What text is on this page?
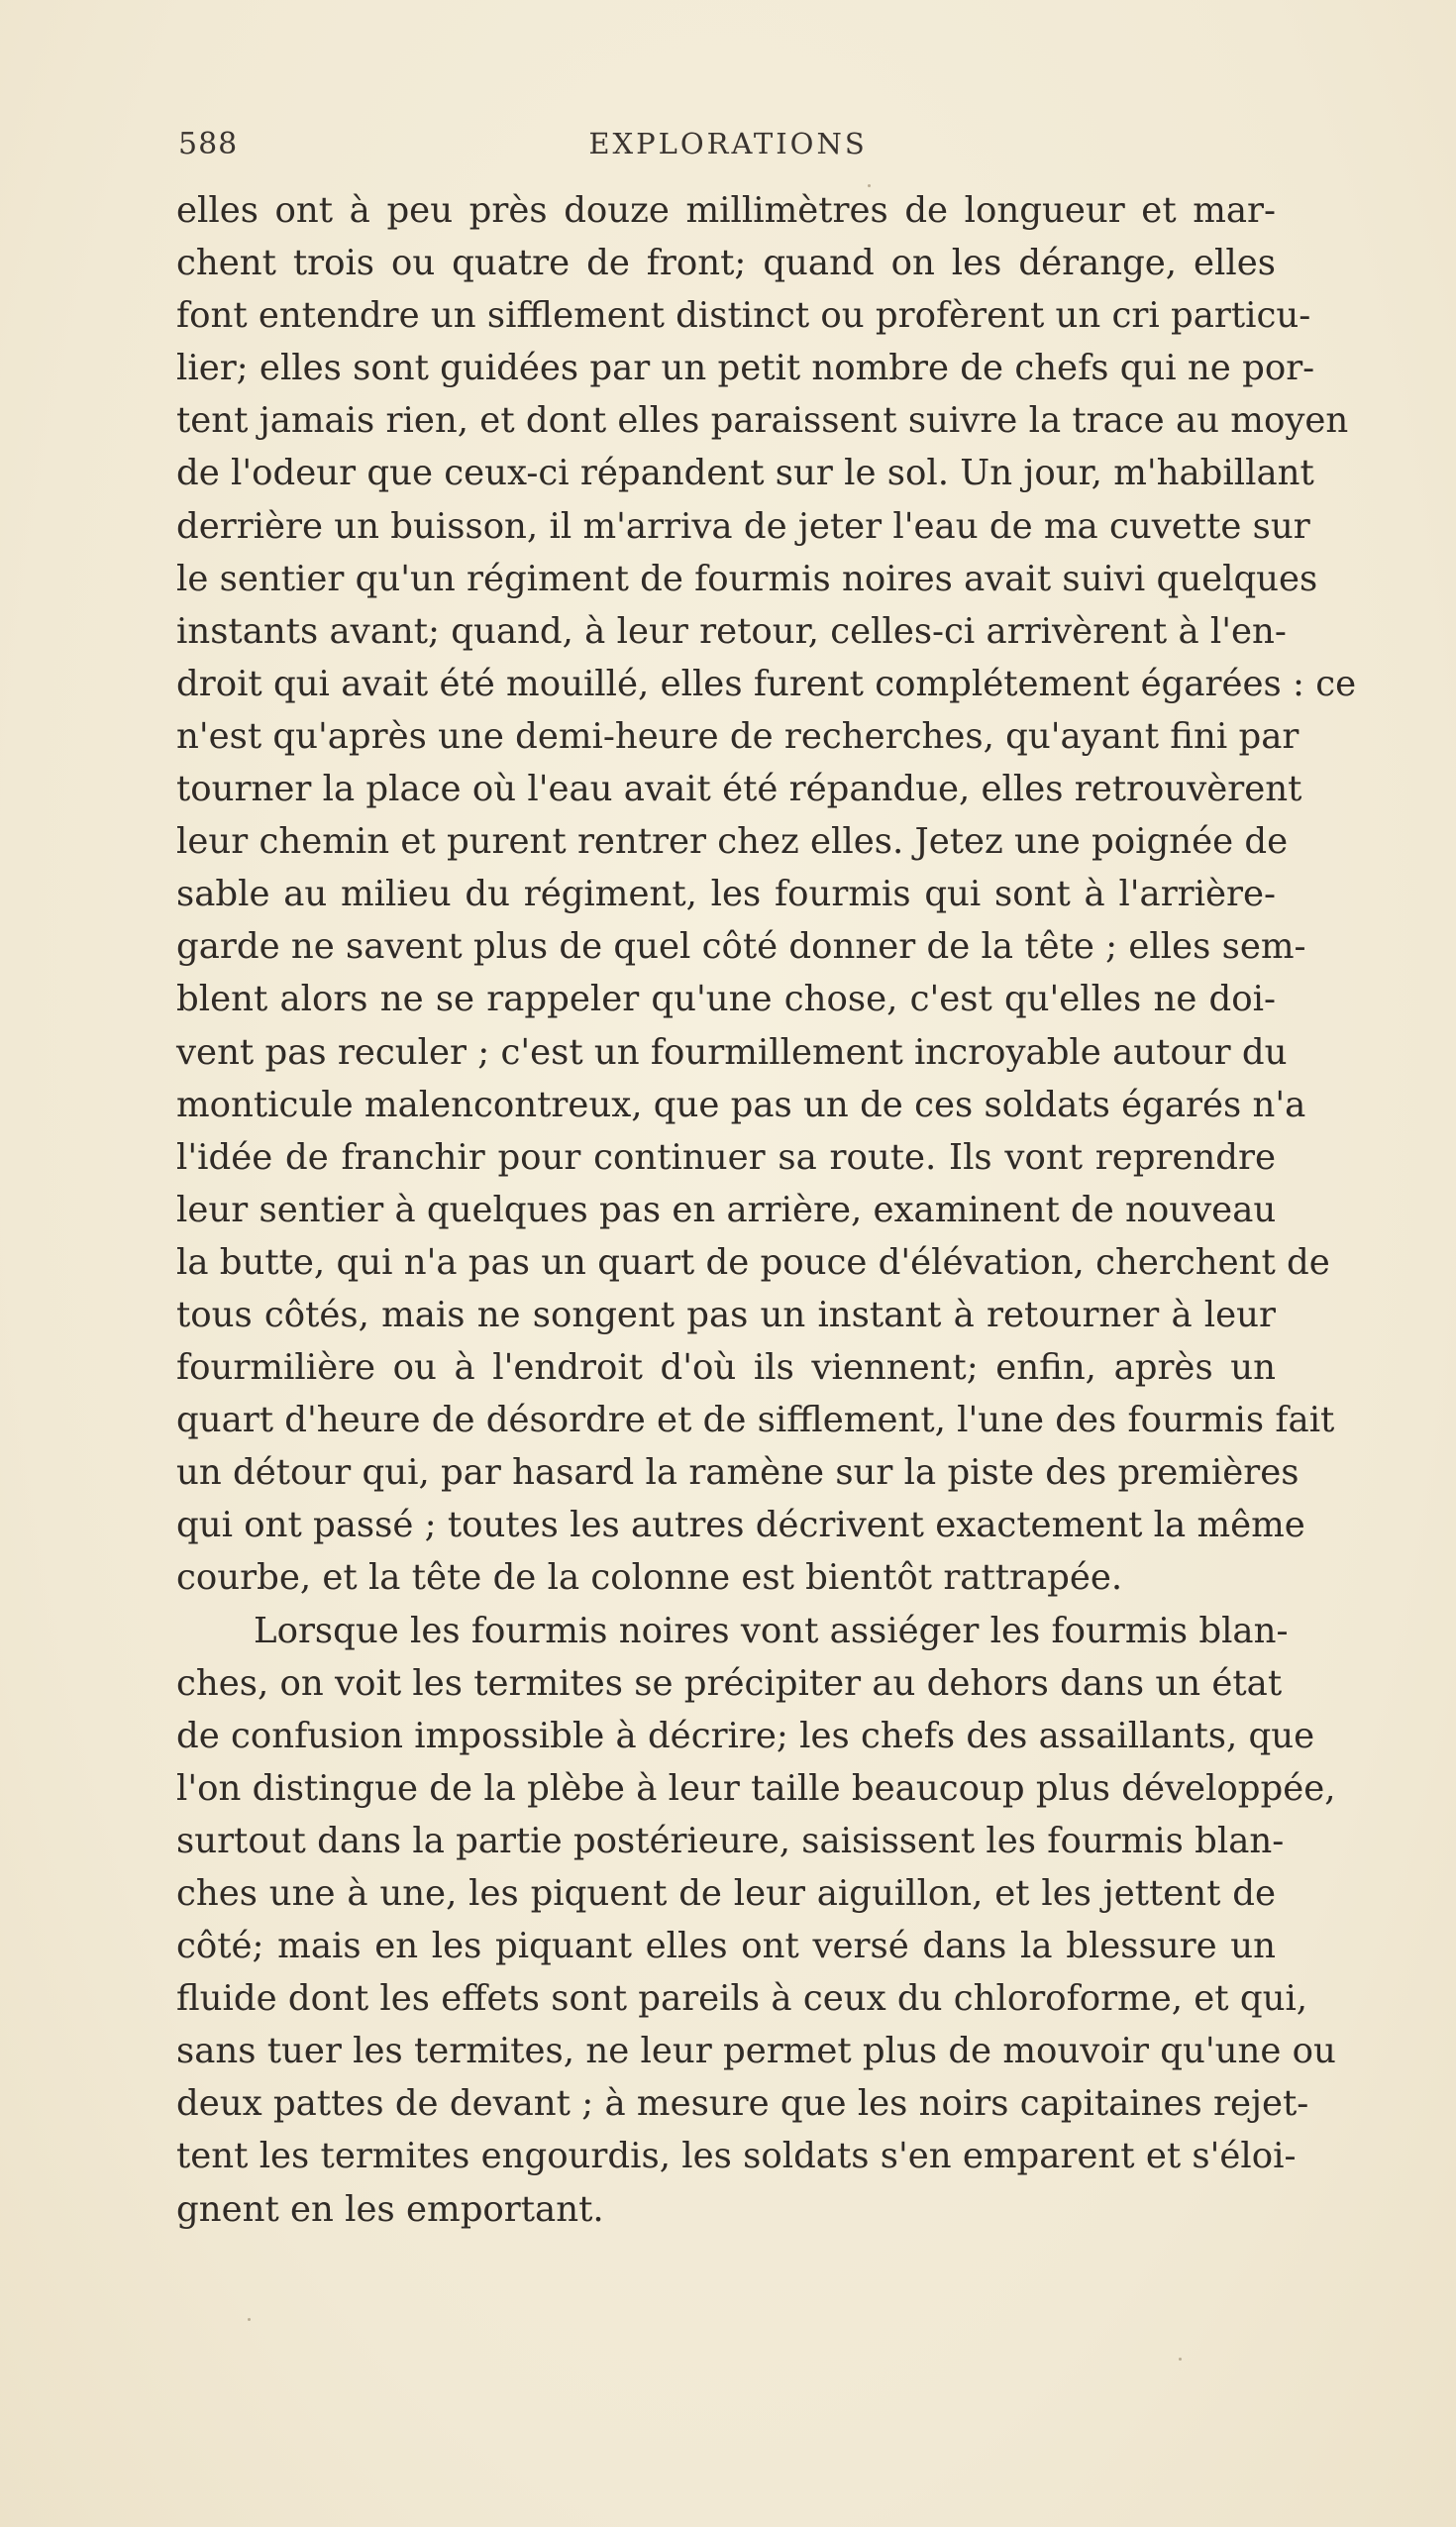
588	EXPLORATIONS
elles ont à peu près douze millimètres de longueur et mar-
chent trois ou quatre de front; quand on les dérange, elles
font entendre un sifflement distinct ou profèrent un cri particu-
lier; elles sont guidées par un petit nombre de chefs qui ne por-
tent jamais rien, et dont elles paraissent suivre la trace au moyen
de l'odeur que ceux-ci répandent sur le sol. Un jour, m'habillant
derrière un buisson, il m'arriva de jeter l'eau de ma cuvette sur
le sentier qu'un régiment de fourmis noires avait suivi quelques
instants avant; quand, à leur retour, celles-ci arrivèrent à l'en-
droit qui avait été mouillé, elles furent complétement égarées : ce
n'est qu'après une demi-heure de recherches, qu'ayant fini par
tourner la place où l'eau avait été répandue, elles retrouvèrent
leur chemin et purent rentrer chez elles. Jetez une poignée de
sable au milieu du régiment, les fourmis qui sont à l'arrière-
garde ne savent plus de quel côté donner de la tête ; elles sem-
blent alors ne se rappeler qu'une chose, c'est qu'elles ne doi-
vent pas reculer ; c'est un fourmillement incroyable autour du
monticule malencontreux, que pas un de ces soldats égarés n'a
l'idée de franchir pour continuer sa route. Ils vont reprendre
leur sentier à quelques pas en arrière, examinent de nouveau
la butte, qui n'a pas un quart de pouce d'élévation, cherchent de
tous côtés, mais ne songent pas un instant à retourner à leur
fourmilière ou à l'endroit d'où ils viennent; enfin, après un
quart d'heure de désordre et de sifflement, l'une des fourmis fait
un détour qui, par hasard la ramène sur la piste des premières
qui ont passé ; toutes les autres décrivent exactement la même
courbe, et la tête de la colonne est bientôt rattrapée.
Lorsque les fourmis noires vont assiéger les fourmis blan-
ches, on voit les termites se précipiter au dehors dans un état
de confusion impossible à décrire; les chefs des assaillants, que
l'on distingue de la plèbe à leur taille beaucoup plus développée,
surtout dans la partie postérieure, saisissent les fourmis blan-
ches une à une, les piquent de leur aiguillon, et les jettent de
côté; mais en les piquant elles ont versé dans la blessure un
fluide dont les effets sont pareils à ceux du chloroforme, et qui,
sans tuer les termites, ne leur permet plus de mouvoir qu'une ou
deux pattes de devant ; à mesure que les noirs capitaines rejet-
tent les termites engourdis, les soldats s'en emparent et s'éloi-
gnent en les emportant.
